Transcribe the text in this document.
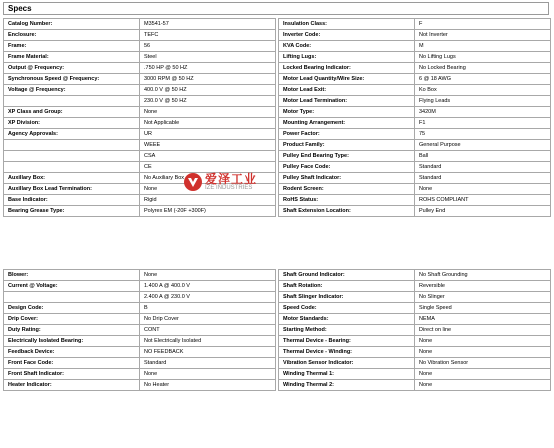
Specs
Catalog Number:	M3541-57
Enclosure:	TEFC
Frame:	56
Frame Material:	Steel
Output @ Frequency:	.750 HP @ 50 HZ
Synchronous Speed @ Frequency:	3000 RPM @ 50 HZ
Voltage @ Frequency:	400.0 V @ 50 HZ
	230.0 V @ 50 HZ
XP Class and Group:	None
XP Division:	Not Applicable
Agency Approvals:	UR
	WEEE
	CSA
	CE
Auxillary Box:	No Auxiliary Box
Auxillary Box Lead Termination:	None
Base Indicator:	Rigid
Bearing Grease Type:	Polyrex EM (-20F +300F)
Insulation Class:	F
Inverter Code:	Not Inverter
KVA Code:	M
Lifting Lugs:	No Lifting Lugs
Locked Bearing Indicator:	No Locked Bearing
Motor Lead Quantity/Wire Size:	6 @ 18 AWG
Motor Lead Exit:	Ko Box
Motor Lead Termination:	Flying Leads
Motor Type:	3420M
Mounting Arrangement:	F1
Power Factor:	75
Product Family:	General Purpose
Pulley End Bearing Type:	Ball
Pulley Face Code:	Standard
Pulley Shaft Indicator:	Standard
Rodent Screen:	None
RoHS Status:	ROHS COMPLIANT
Shaft Extension Location:	Pulley End
Blower:	None
Current @ Voltage:	1.400 A @ 400.0 V
	2.400 A @ 230.0 V
Design Code:	B
Drip Cover:	No Drip Cover
Duty Rating:	CONT
Electrically Isolated Bearing:	Not Electrically Isolated
Feedback Device:	NO FEEDBACK
Front Face Code:	Standard
Front Shaft Indicator:	None
Heater Indicator:	No Heater
Shaft Ground Indicator:	No Shaft Grounding
Shaft Rotation:	Reversible
Shaft Slinger Indicator:	No Slinger
Speed Code:	Single Speed
Motor Standards:	NEMA
Starting Method:	Direct on line
Thermal Device - Bearing:	None
Thermal Device - Winding:	None
Vibration Sensor Indicator:	No Vibration Sensor
Winding Thermal 1:	None
Winding Thermal 2:	None
爱泽工业
IZE INDUSTRIES
